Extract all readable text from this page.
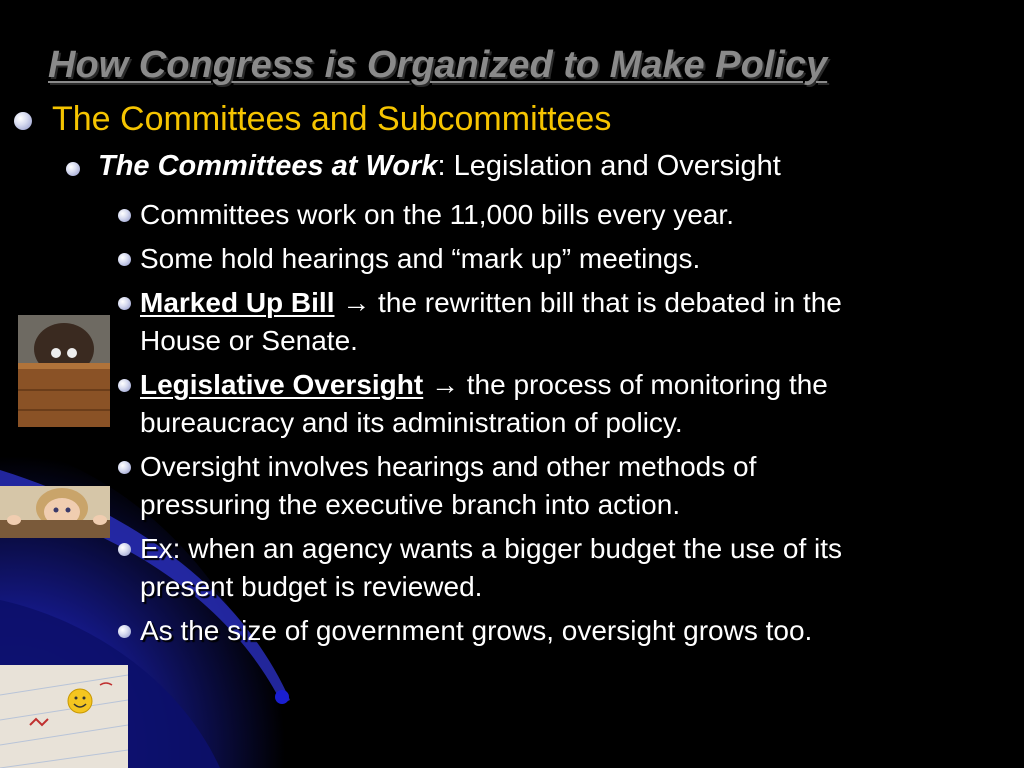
How Congress is Organized to Make Policy
The Committees and Subcommittees
The Committees at Work: Legislation and Oversight
Committees work on the 11,000 bills every year.
Some hold hearings and “mark up” meetings.
Marked Up Bill → the rewritten bill that is debated in the
House or Senate.
Legislative Oversight → the process of monitoring the
bureaucracy and its administration of policy.
Oversight involves hearings and other methods of
pressuring the executive branch into action.
Ex: when an agency wants a bigger budget the use of its
present budget is reviewed.
As the size of government grows, oversight grows too.
